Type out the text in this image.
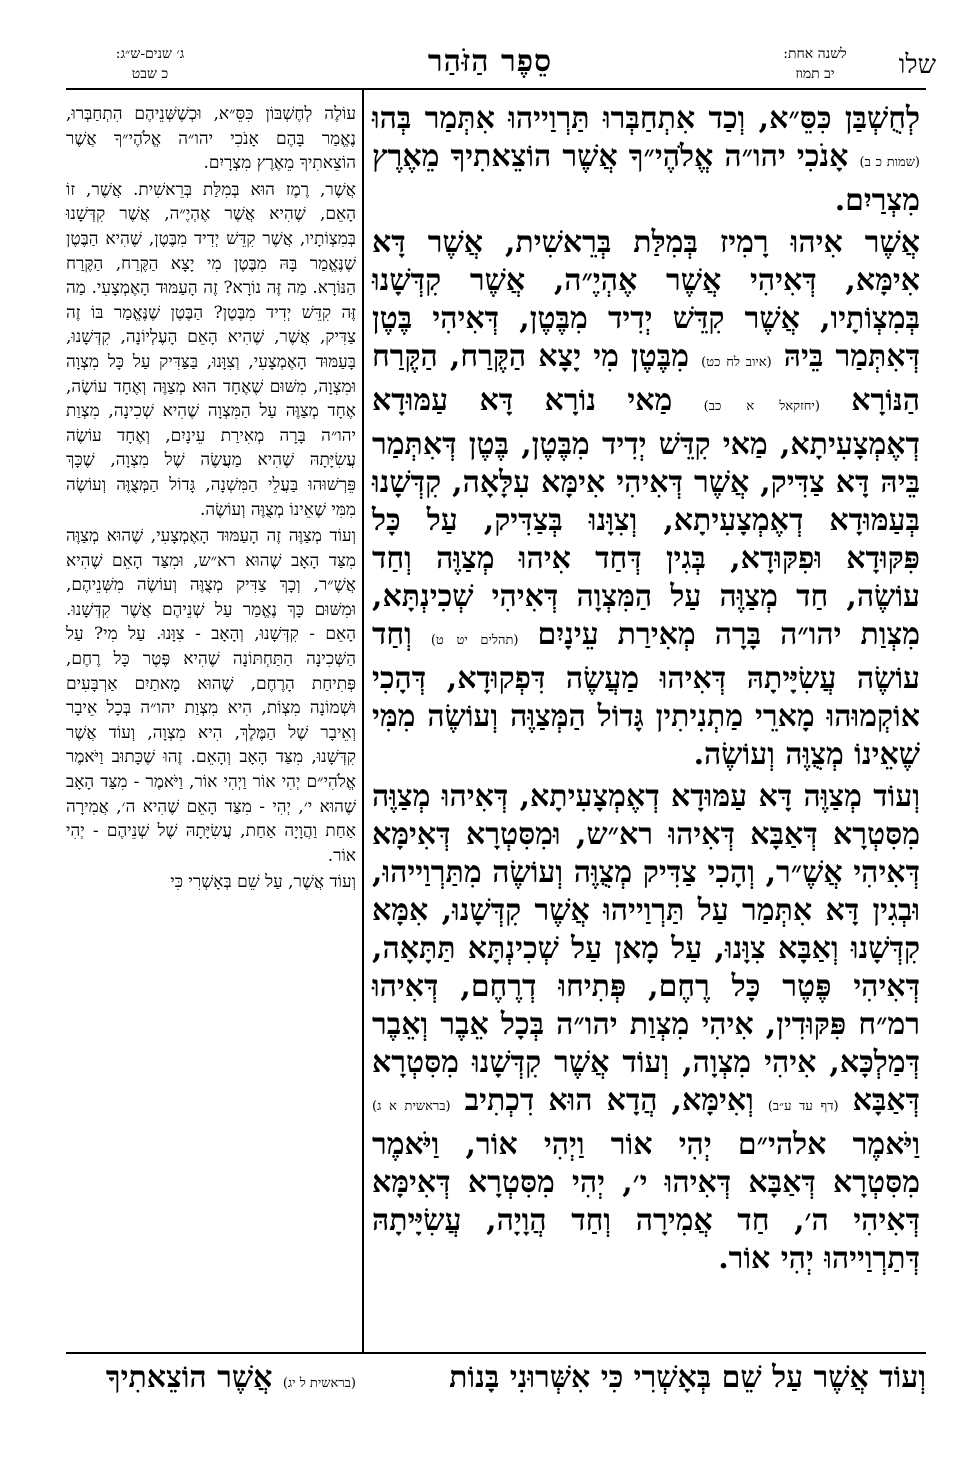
שלו
לשנה אחת:
יב תמוז
סֵפֶר הַזֹּהַר
ג׳ שנים-ש״ג:
כ שבט

לְחֻשְׁבַּן כִּסֵּ״א, וְכַד אִתְחַבְּרוּ תַּרְוַייהוּ אִתְּמַר בְּהוּ (שמות כ ב) אָנֹכִי יהו״ה אֱלֹהֶי״ךָ אֲשֶׁר הוֹצֵאתִיךָ מֵאֶרֶץ מִצְרַיִם.

אֲשֶׁר אִיהוּ רָמִיז בְּמִלַּת בְּרֵאשִׁית, אֲשֶׁר דָּא אִימָּא, דְּאִיהִי אֲשֶׁר אֶהְיֶ״ה, אֲשֶׁר קִדְּשָׁנוּ בְּמִצְוֹתָיו, אֲשֶׁר קִדֵּשׁ יְדִיד מִבֶּטֶן, דְּאִיהִי בֶּטֶן דְּאִתְּמַר בֵּיהּ (איוב לח כט) מִבֶּטֶן מִי יָצָא הַקֶּרַח, הַקֶּרַח הַנּוֹרָא (יחזקאל א כב) מַאי נוֹרָא דָּא עַמּוּדָא דְאֶמְצָעִיתָא, מַאי קִדֵּשׁ יְדִיד מִבֶּטֶן, בֶּטֶן דְּאִתְּמַר בֵּיהּ דָּא צַדִּיק, אֲשֶׁר דְּאִיהִי אִימָּא עִלָּאָה, קִדְּשָׁנוּ בְּעַמּוּדָא דְאֶמְצָעִיתָא, וְצִוָּנוּ בְּצַדִּיק, עַל כָּל פִּקּוּדָא וּפִקּוּדָא, בְּגִין דְּחַד אִיהוּ מְצַוֶּה וְחַד עוֹשֶׂה, חַד מְצַוֶּה עַל הַמִּצְוָה דְּאִיהִי שְׁכִינְתָּא, מִצְוַת יהו״ה בָּרָה מְאִירַת עֵינָיִם (תהלים יט ט) וְחַד עוֹשֶׂה עֲשִׂיָּיתָהּ דְּאִיהוּ מַעֲשֶׂה דִּפְקוּדָא, דְּהָכִי אוֹקְמוּהוּ מָארֵי מַתְנִיתִין גָּדוֹל הַמְּצַוֶּה וְעוֹשֶׂה מִמִּי שֶׁאֵינוֹ מְצֻוֶּה וְעוֹשֶׂה.

וְעוֹד מְצַוֶּה דָּא עַמּוּדָא דְאֶמְצָעִיתָא, דְּאִיהוּ מְצַוֶּה מִסִּטְרָא דְּאַבָּא דְּאִיהוּ רא״ש, וּמִסִּטְרָא דְּאִימָּא דְּאִיהִי אֲשֶׁ״ר, וְהָכִי צַדִּיק מְצֻוֶּה וְעוֹשֶׂה מִתַּרְוַייהוּ, וּבְגִין דָּא אִתְּמַר עַל תַּרְוַייהוּ אֲשֶׁר קִדְּשָׁנוּ, אִמָּא קִדְּשָׁנוּ וְאַבָּא צִוָּנוּ, עַל מָאן עַל שְׁכִינְתָּא תַּתָּאָה, דְּאִיהִי פֶּטֶר כָּל רֶחֶם, פְּתִיחוּ דְרֶחֶם, דְּאִיהוּ רמ״ח פִּקּוּדִין, אִיהִי מִצְוַת יהו״ה בְּכָל אֵבֶר וְאֵבֶר דְּמַלְכָּא, אִיהִי מִצְוָה, וְעוֹד אֲשֶׁר קִדְּשָׁנוּ מִסִּטְרָא דְּאַבָּא (דף עד ע״ב) וְאִימָּא, הֲדָא הוּא דִכְתִיב (בראשית א ג) וַיֹּאמֶר אלהי״ם יְהִי אוֹר וַיְהִי אוֹר, וַיֹּאמֶר מִסִּטְרָא דְּאַבָּא דְּאִיהוּ י׳, יְהִי מִסִּטְרָא דְּאִימָּא דְּאִיהִי ה׳, חַד אֲמִירָה וְחַד הֲוָיָה, עֲשִׂיָּיתָהּ דְּתַרְוַייהוּ יְהִי אוֹר.

עוֹלֶה לְחֶשְׁבּוֹן כִּסֵּ״א, וּכְשֶׁשְּׁנֵיהֶם הִתְחַבְּרוּ, נֶאֱמַר בָּהֶם אָנֹכִי יהו״ה אֱלֹהֶי״ךָ אֲשֶׁר הוֹצֵאתִיךָ מֵאֶרֶץ מִצְרָיִם.

אֲשֶׁר, רֶמֶז הוּא בְּמִלַּת בְּרֵאשִׁית. אֲשֶׁר, זוֹ הָאֵם, שֶׁהִיא אֲשֶׁר אֶהְיֶ״ה, אֲשֶׁר קִדְּשָׁנוּ בְּמִצְוֹתָיו, אֲשֶׁר קִדֵּשׁ יְדִיד מִבֶּטֶן, שֶׁהִיא הַבֶּטֶן שֶׁנֶּאֱמַר בָּהּ מִבֶּטֶן מִי יָצָא הַקֶּרַח, הַקֶּרַח הַנּוֹרָא. מַה זֶּה נוֹרָא? זֶה הָעַמּוּד הָאֶמְצָעִי. מַה זֶּה קִדֵּשׁ יְדִיד מִבֶּטֶן? הַבֶּטֶן שֶׁנֶּאֱמַר בּוֹ זֶה צַדִּיק, אֲשֶׁר, שֶׁהִיא הָאֵם הָעֶלְיוֹנָה, קִדְּשָׁנוּ, בָּעַמּוּד הָאֶמְצָעִי, וְצִוָּנוּ, בַּצַּדִּיק עַל כָּל מִצְוָה וּמִצְוָה, מִשּׁוּם שֶׁאֶחָד הוּא מְצַוֶּה וְאֶחָד עוֹשֶׂה, אֶחָד מְצַוֶּה עַל הַמִּצְוָה שֶׁהִיא שְׁכִינָה, מִצְוַת יהו״ה בָּרָה מְאִירַת עֵינָיִם, וְאֶחָד עוֹשֶׂה עֲשִׂיָּתָהּ שֶׁהִיא מַעֲשֶׂה שֶׁל מִצְוָה, שֶׁכָּךְ פֵּרְשׁוּהוּ בַּעֲלֵי הַמִּשְׁנָה, גָּדוֹל הַמְּצֻוֶּה וְעוֹשֶׂה מִמִּי שֶׁאֵינוֹ מְצֻוֶּה וְעוֹשֶׂה.

וְעוֹד מְצַוֶּה זֶה הָעַמּוּד הָאֶמְצָעִי, שֶׁהוּא מְצַוֶּה מִצַּד הָאָב שֶׁהוּא רא״ש, וּמִצַּד הָאֵם שֶׁהִיא אֲשֶׁ״ר, וְכָךְ צַדִּיק מְצֻוֶּה וְעוֹשֶׂה מִשְּׁנֵיהֶם, וּמִשּׁוּם כָּךְ נֶאֱמַר עַל שְׁנֵיהֶם אֲשֶׁר קִדְּשָׁנוּ. הָאֵם - קִדְּשָׁנוּ, וְהָאָב - צִוָּנוּ. עַל מִי? עַל הַשְּׁכִינָה הַתַּחְתּוֹנָה שֶׁהִיא פֶּטֶר כָּל רֶחֶם, פְּתִיחַת הָרֶחֶם, שֶׁהוּא מָאתַיִם אַרְבָּעִים וּשְׁמוֹנָה מִצְוֹת, הִיא מִצְוַת יהו״ה בְּכָל אֵיבָר וְאֵיבָר שֶׁל הַמֶּלֶךְ, הִיא מִצְוָה, וְעוֹד אֲשֶׁר קִדְּשָׁנוּ, מִצַּד הָאָב וְהָאֵם. זֶהוּ שֶׁכָּתוּב וַיֹּאמֶר אֱלֹהִי״ם יְהִי אוֹר וַיְהִי אוֹר, וַיֹּאמֶר - מִצַּד הָאָב שֶׁהוּא י׳, יְהִי - מִצַּד הָאֵם שֶׁהִיא ה׳, אֲמִירָה אַחַת וַהֲוָיָה אַחַת, עֲשִׂיָּתָהּ שֶׁל שְׁנֵיהֶם - יְהִי אוֹר.

וְעוֹד אֲשֶׁר, עַל שֵׁם בְּאָשְׁרִי כִּי

וְעוֹד אֲשֶׁר עַל שֵׁם בְּאָשְׁרִי כִּי אִשְּׁרוּנִי בָּנוֹת
(בראשית ל יג) אֲשֶׁר הוֹצֵאתִיךָ
